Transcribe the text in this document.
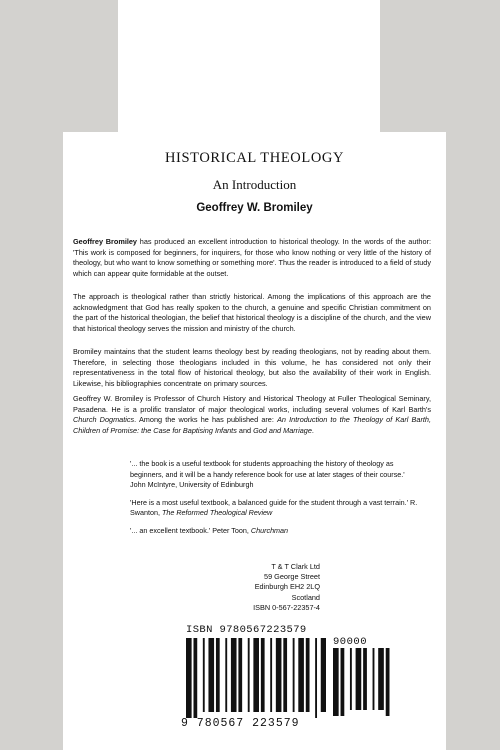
HISTORICAL THEOLOGY
An Introduction
Geoffrey W. Bromiley
Geoffrey Bromiley has produced an excellent introduction to historical theology. In the words of the author: 'This work is composed for beginners, for inquirers, for those who know nothing or very little of the history of theology, but who want to know something or something more'. Thus the reader is introduced to a field of study which can appear quite formidable at the outset.
The approach is theological rather than strictly historical. Among the implications of this approach are the acknowledgment that God has really spoken to the church, a genuine and specific Christian commitment on the part of the historical theologian, the belief that historical theology is a discipline of the church, and the view that historical theology serves the mission and ministry of the church.
Bromiley maintains that the student learns theology best by reading theologians, not by reading about them. Therefore, in selecting those theologians included in this volume, he has considered not only their representativeness in the total flow of historical theology, but also the availability of their work in English. Likewise, his bibliographies concentrate on primary sources.
Geoffrey W. Bromiley is Professor of Church History and Historical Theology at Fuller Theological Seminary, Pasadena. He is a prolific translator of major theological works, including several volumes of Karl Barth's Church Dogmatics. Among the works he has published are: An Introduction to the Theology of Karl Barth, Children of Promise: the Case for Baptising Infants and God and Marriage.
'... the book is a useful textbook for students approaching the history of theology as beginners, and it will be a handy reference book for use at later stages of their course.' John McIntyre, University of Edinburgh
'Here is a most useful textbook, a balanced guide for the student through a vast terrain.' R. Swanton, The Reformed Theological Review
'... an excellent textbook.' Peter Toon, Churchman
T & T Clark Ltd
59 George Street
Edinburgh EH2 2LQ
Scotland
ISBN 0-567-22357-4
ISBN 9780567223579
90000
9 780567 223579
